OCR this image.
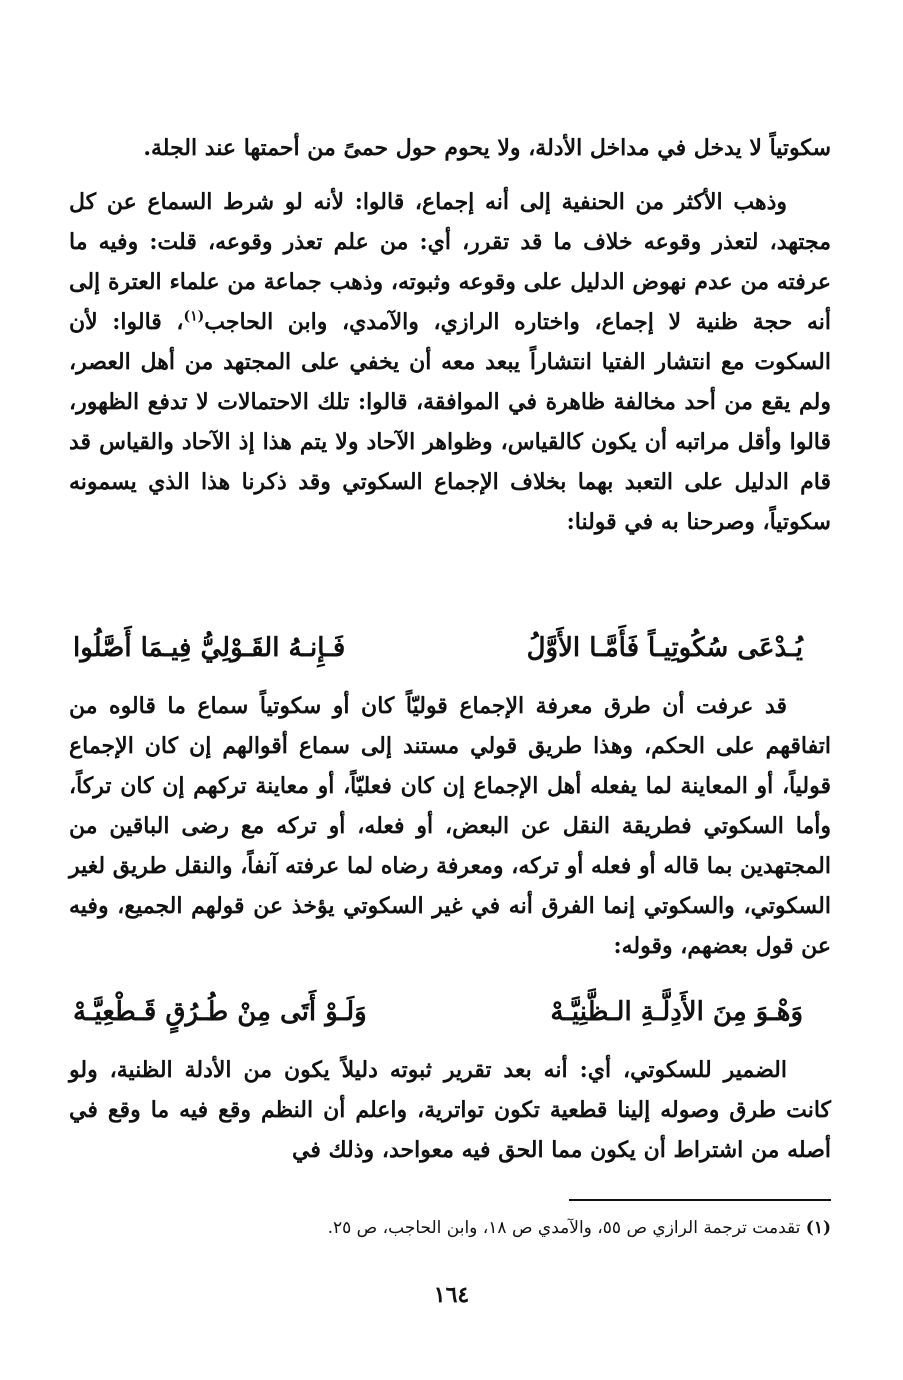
سكوتياً لا يدخل في مداخل الأدلة، ولا يحوم حول حمىً من أحمتها عند الجلة.

  وذهب الأكثر من الحنفية إلى أنه إجماع، قالوا: لأنه لو شرط السماع عن كل مجتهد، لتعذر وقوعه خلاف ما قد تقرر، أي: من علم تعذر وقوعه، قلت: وفيه ما عرفته من عدم نهوض الدليل على وقوعه وثبوته، وذهب جماعة من علماء العترة إلى أنه حجة ظنية لا إجماع، واختاره الرازي، والآمدي، وابن الحاجب$^{(١)}$، قالوا: لأن السكوت مع انتشار الفتيا انتشاراً يبعد معه أن يخفي على المجتهد من أهل العصر، ولم يقع من أحد مخالفة ظاهرة في الموافقة، قالوا: تلك الاحتمالات لا تدفع الظهور، قالوا وأقل مراتبه أن يكون كالقياس، وظواهر الآحاد ولا يتم هذا إذ الآحاد والقياس قد قام الدليل على التعبد بهما بخلاف الإجماع السكوتي وقد ذكرنا هذا الذي يسمونه سكوتياً، وصرحنا به في قولنا:

يُـدْعَى سُكُوتِيـاً فَأَمَّـا الأَوَّلُ
فَـإِنـهُ القَـوْلِيُّ فِيـمَا أَصَّلُوا

  قد عرفت أن طرق معرفة الإجماع قوليّاً كان أو سكوتياً سماع ما قالوه من اتفاقهم على الحكم، وهذا طريق قولي مستند إلى سماع أقوالهم إن كان الإجماع قولياً، أو المعاينة لما يفعله أهل الإجماع إن كان فعليّاً، أو معاينة تركهم إن كان تركاً، وأما السكوتي فطريقة النقل عن البعض، أو فعله، أو تركه مع رضى الباقين من المجتهدين بما قاله أو فعله أو تركه، ومعرفة رضاه لما عرفته آنفاً، والنقل طريق لغير السكوتي، والسكوتي إنما الفرق أنه في غير السكوتي يؤخذ عن قولهم الجميع، وفيه عن قول بعضهم، وقوله:

وَهْـوَ مِنَ الأَدِلَّـةِ الـظَّنِيَّـهْ
وَلَـوْ أَتَى مِنْ طُـرُقٍ قَـطْعِيَّـهْ

  الضمير للسكوتي، أي: أنه بعد تقرير ثبوته دليلاً يكون من الأدلة الظنية، ولو كانت طرق وصوله إلينا قطعية تكون تواترية، واعلم أن النظم وقع فيه ما وقع في أصله من اشتراط أن يكون مما الحق فيه معواحد، وذلك في

(١) تقدمت ترجمة الرازي ص ٥٥، والآمدي ص ١٨، وابن الحاجب، ص ٢٥.
١٦٤
